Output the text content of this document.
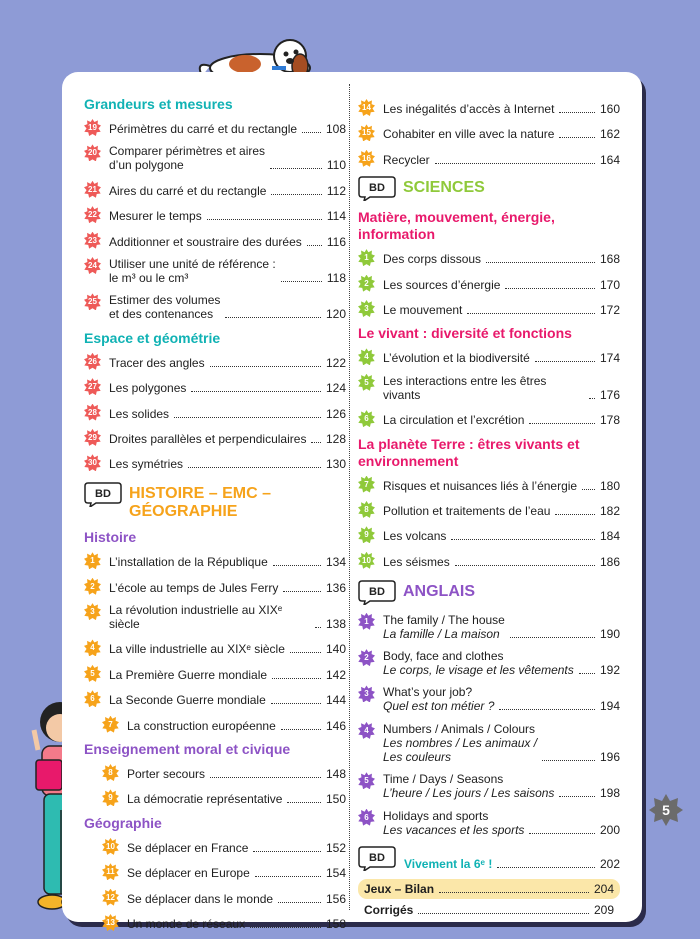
Grandeurs et mesures
19	Périmètres du carré et du rectangle 108
20	Comparer périmètres et aires
d’un polygone	110
21	Aires du carré et du rectangle	112
22	Mesurer le temps	114
23	Additionner et soustraire des durées 116
24	Utiliser une unité de référence :
le m³ ou le cm³	118
25	Estimer des volumes
et des contenances	120
Espace et géométrie
26	Tracer des angles	122
27	Les polygones	124
28	Les solides	126
29	Droites parallèles et perpendiculaires 128
30	Les symétries	130
BD HISTOIRE – EMC –
GÉOGRAPHIE
Histoire
1	L’installation de la République	134
2	L’école au temps de Jules Ferry	136
3	La révolution industrielle au XIXᵉ siècle	138
4	La ville industrielle au XIXᵉ siècle	140
5	La Première Guerre mondiale	142
6	La Seconde Guerre mondiale	144
7	La construction européenne	146
Enseignement moral et civique
8	Porter secours	148
9	La démocratie représentative	150
Géographie
10	Se déplacer en France	152
11	Se déplacer en Europe	154
12	Se déplacer dans le monde	156
13	Un monde de réseaux	158
14	Les inégalités d’accès à Internet	160
15	Cohabiter en ville avec la nature	162
16	Recycler	164
BD SCIENCES
Matière, mouvement, énergie, information
1	Des corps dissous	168
2	Les sources d’énergie	170
3	Le mouvement	172
Le vivant : diversité et fonctions
4	L’évolution et la biodiversité	174
5	Les interactions entre les êtres vivants	176
6	La circulation et l’excrétion	178
La planète Terre : êtres vivants et environnement
7	Risques et nuisances liés à l’énergie 180
8	Pollution et traitements de l’eau	182
9	Les volcans	184
10	Les séismes	186
BD ANGLAIS
1	The family / The house
La famille / La maison	190
2	Body, face and clothes
Le corps, le visage et les vêtements 192
3	What’s your job?
Quel est ton métier ?	194
4	Numbers / Animals / Colours
Les nombres / Les animaux /
Les couleurs	196
5	Time / Days / Seasons
L’heure / Les jours / Les saisons	198
6	Holidays and sports
Les vacances et les sports	200
BD Vivement la 6ᵉ !	202
Jeux – Bilan	204
Corrigés	209
5
